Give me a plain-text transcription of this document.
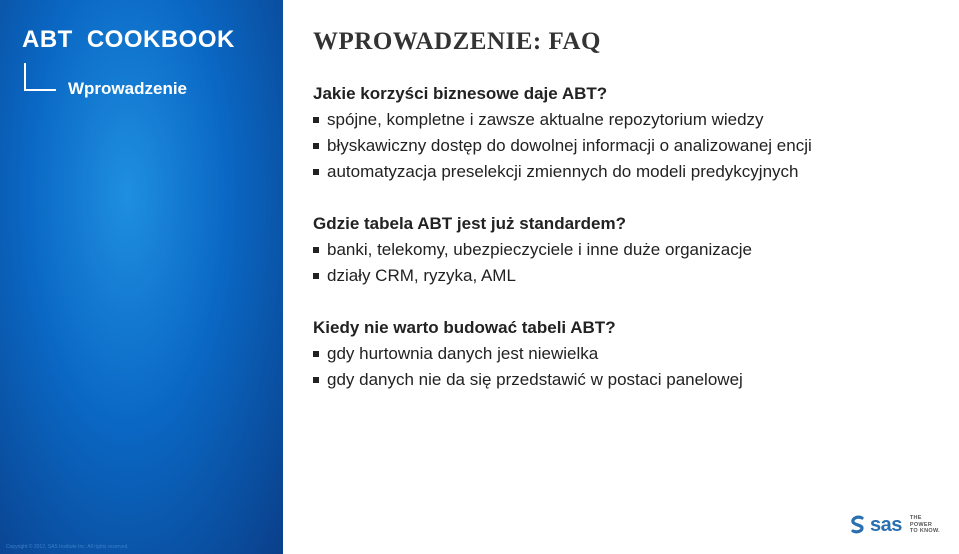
ABT COOKBOOK
Wprowadzenie
Copyright © 2012, SAS Institute Inc. All rights reserved.
WPROWADZENIE: FAQ
Jakie korzyści biznesowe daje ABT?
spójne, kompletne i zawsze aktualne repozytorium wiedzy
błyskawiczny dostęp do dowolnej informacji o analizowanej encji
automatyzacja preselekcji zmiennych do modeli predykcyjnych
Gdzie tabela ABT jest już standardem?
banki, telekomy, ubezpieczyciele i inne duże organizacje
działy CRM, ryzyka, AML
Kiedy nie warto budować tabeli ABT?
gdy hurtownia danych jest niewielka
gdy danych nie da się przedstawić w postaci panelowej
sas THE
POWER
TO KNOW.
